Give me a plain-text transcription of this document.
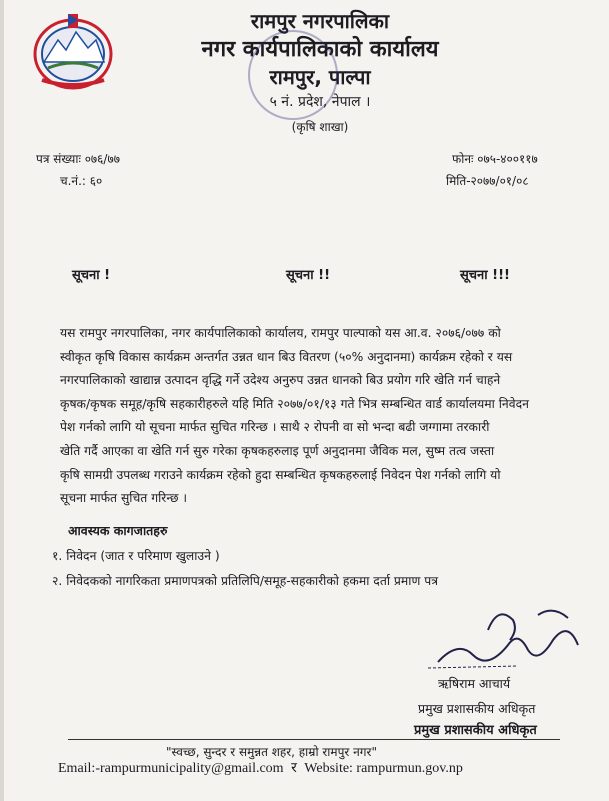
रामपुर नगरपालिका
नगर कार्यपालिकाको कार्यालय
रामपुर, पाल्पा
५ नं. प्रदेश, नेपाल ।
(कृषि शाखा)
पत्र संख्याः ०७६/७७
च.नं.: ६०
फोनः ०७५-४००११७
मिति-२०७७/०१/०८
सूचना !	सूचना !!	सूचना !!!
यस रामपुर नगरपालिका, नगर कार्यपालिकाको कार्यालय, रामपुर पाल्पाको यस आ.व. २०७६/०७७ को
स्वीकृत कृषि विकास कार्यक्रम अन्तर्गत उन्नत धान बिउ वितरण (५०% अनुदानमा) कार्यक्रम रहेको र यस
नगरपालिकाको खाद्यान्न उत्पादन वृद्धि गर्ने उदेश्य अनुरुप उन्नत धानको बिउ प्रयोग गरि खेति गर्न चाहने
कृषक/कृषक समूह/कृषि सहकारीहरुले यहि मिति २०७७/०१/१३ गते भित्र सम्बन्धित वार्ड कार्यालयमा निवेदन
पेश गर्नको लागि यो सूचना मार्फत सुचित गरिन्छ । साथै २ रोपनी वा सो भन्दा बढी जग्गामा तरकारी
खेति गर्दै आएका वा खेति गर्न सुरु गरेका कृषकहरुलाइ पूर्ण अनुदानमा जैविक मल, सुष्म तत्व जस्ता
कृषि सामग्री उपलब्ध गराउने कार्यक्रम रहेको हुदा सम्बन्धित कृषकहरुलाई निवेदन पेश गर्नको लागि यो
सूचना मार्फत सुचित गरिन्छ ।
आवस्यक कागजातहरु
१. निवेदन (जात र परिमाण खुलाउने )
२. निवेदकको नागरिकता प्रमाणपत्रको प्रतिलिपि/समूह-सहकारीको हकमा दर्ता प्रमाण पत्र
ऋषिराम आचार्य
प्रमुख प्रशासकीय अधिकृत
प्रमुख प्रशासकीय अधिकृत
"स्वच्छ, सुन्दर र समुन्नत शहर, हाम्रो रामपुर नगर"
Email:-rampurmunicipality@gmail.com र Website: rampurmun.gov.np
